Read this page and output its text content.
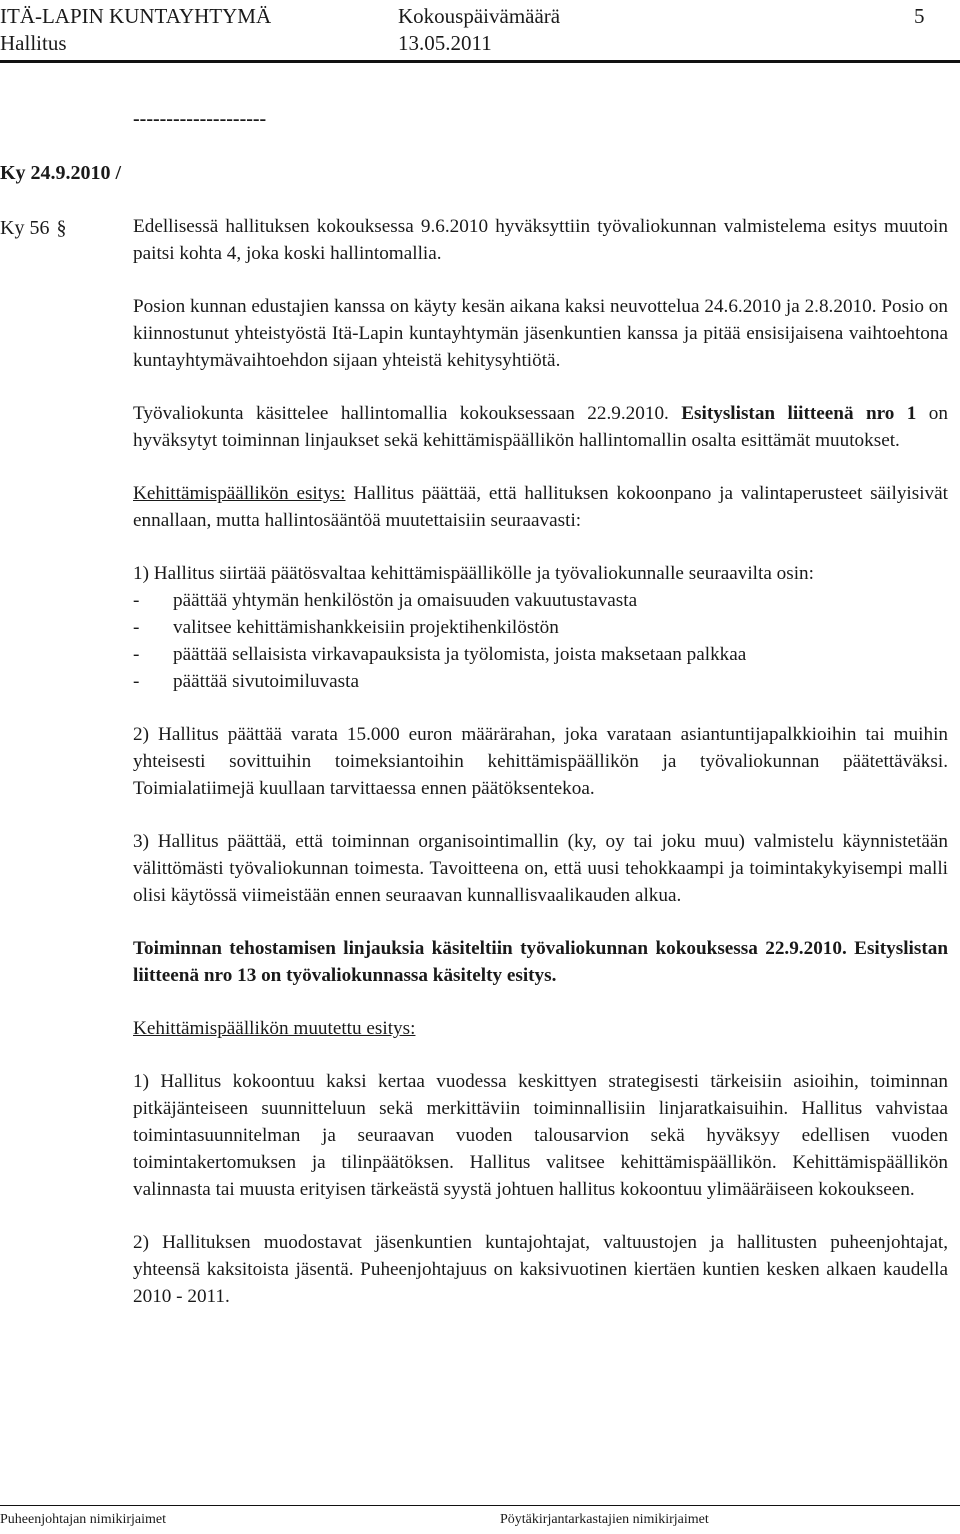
ITÄ-LAPIN KUNTAYHTYMÄ	Kokouspäivämäärä	5
Hallitus	13.05.2011
--------------------
Ky 24.9.2010 /
Ky 56 §	Edellisessä hallituksen kokouksessa 9.6.2010 hyväksyttiin työvaliokunnan valmistelema esitys muutoin paitsi kohta 4, joka koski hallintomallia.

Posion kunnan edustajien kanssa on käyty kesän aikana kaksi neuvottelua 24.6.2010 ja 2.8.2010. Posio on kiinnostunut yhteistyöstä Itä-Lapin kuntayhtymän jäsenkuntien kanssa ja pitää ensisijaisena vaihtoehtona kuntayhtymävaihtoehdon sijaan yhteistä kehitysyhtiötä.

Työvaliokunta käsittelee hallintomallia kokouksessaan 22.9.2010. Esityslistan liitteenä nro 1 on hyväksytyt toiminnan linjaukset sekä kehittämispäällikön hallintomallin osalta esittämät muutokset.

Kehittämispäällikön esitys: Hallitus päättää, että hallituksen kokoonpano ja valintaperusteet säilyisivät ennallaan, mutta hallintosääntöä muutettaisiin seuraavasti:

1) Hallitus siirtää päätösvaltaa kehittämispäällikölle ja työvaliokunnalle seuraavilta osin:

- päättää yhtymän henkilöstön ja omaisuuden vakuutustavasta
- valitsee kehittämishankkeisiin projektihenkilöstön
- päättää sellaisista virkavapauksista ja työlomista, joista maksetaan palkkaa
- päättää sivutoimiluvasta

2) Hallitus päättää varata 15.000 euron määrärahan, joka varataan asiantuntijapalkkioihin tai muihin yhteisesti sovittuihin toimeksiantoihin kehittämispäällikön ja työvaliokunnan päätettäväksi. Toimialatiimejä kuullaan tarvittaessa ennen päätöksentekoa.

3) Hallitus päättää, että toiminnan organisointimallin (ky, oy tai joku muu) valmistelu käynnistetään välittömästi työvaliokunnan toimesta. Tavoitteena on, että uusi tehokkaampi ja toimintakykyisempi malli olisi käytössä viimeistään ennen seuraavan kunnallisvaalikauden alkua.

Toiminnan tehostamisen linjauksia käsiteltiin työvaliokunnan kokouksessa 22.9.2010. Esityslistan liitteenä nro 13 on työvaliokunnassa käsitelty esitys.

Kehittämispäällikön muutettu esitys:

1) Hallitus kokoontuu kaksi kertaa vuodessa keskittyen strategisesti tärkeisiin asioihin, toiminnan pitkäjänteiseen suunnitteluun sekä merkittäviin toiminnallisiin linjaratkaisuihin. Hallitus vahvistaa toimintasuunnitelman ja seuraavan vuoden talousarvion sekä hyväksyy edellisen vuoden toimintakertomuksen ja tilinpäätöksen. Hallitus valitsee kehittämispäällikön. Kehittämispäällikön valinnasta tai muusta erityisen tärkeästä syystä johtuen hallitus kokoontuu ylimääräiseen kokoukseen.

2) Hallituksen muodostavat jäsenkuntien kuntajohtajat, valtuustojen ja hallitusten puheenjohtajat, yhteensä kaksitoista jäsentä. Puheenjohtajuus on kaksivuotinen kiertäen kuntien kesken alkaen kaudella 2010 - 2011.

Puheenjohtajan nimikirjaimet	Pöytäkirjantarkastajien nimikirjaimet
